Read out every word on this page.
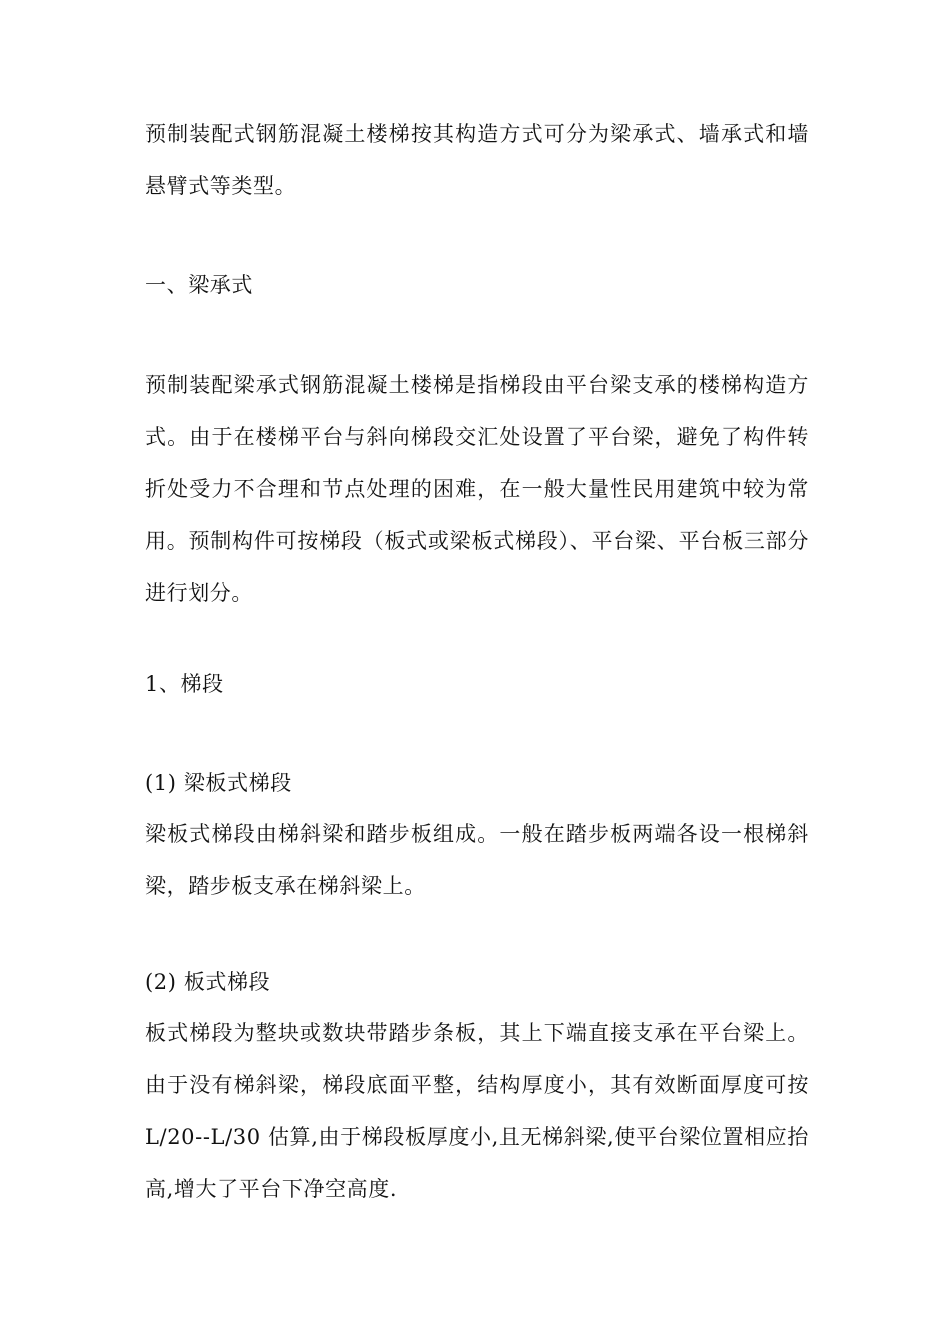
预制装配式钢筋混凝土楼梯按其构造方式可分为梁承式、墙承式和墙悬臂式等类型。

一、梁承式

预制装配梁承式钢筋混凝土楼梯是指梯段由平台梁支承的楼梯构造方式。由于在楼梯平台与斜向梯段交汇处设置了平台梁，避免了构件转折处受力不合理和节点处理的困难，在一般大量性民用建筑中较为常用。预制构件可按梯段（板式或梁板式梯段）、平台梁、平台板三部分进行划分。

1、梯段

(1) 梁板式梯段

梁板式梯段由梯斜梁和踏步板组成。一般在踏步板两端各设一根梯斜梁，踏步板支承在梯斜梁上。

(2) 板式梯段

板式梯段为整块或数块带踏步条板，其上下端直接支承在平台梁上。由于没有梯斜梁，梯段底面平整，结构厚度小，其有效断面厚度可按L/20--L/30 估算,由于梯段板厚度小,且无梯斜梁,使平台梁位置相应抬高,增大了平台下净空高度.
